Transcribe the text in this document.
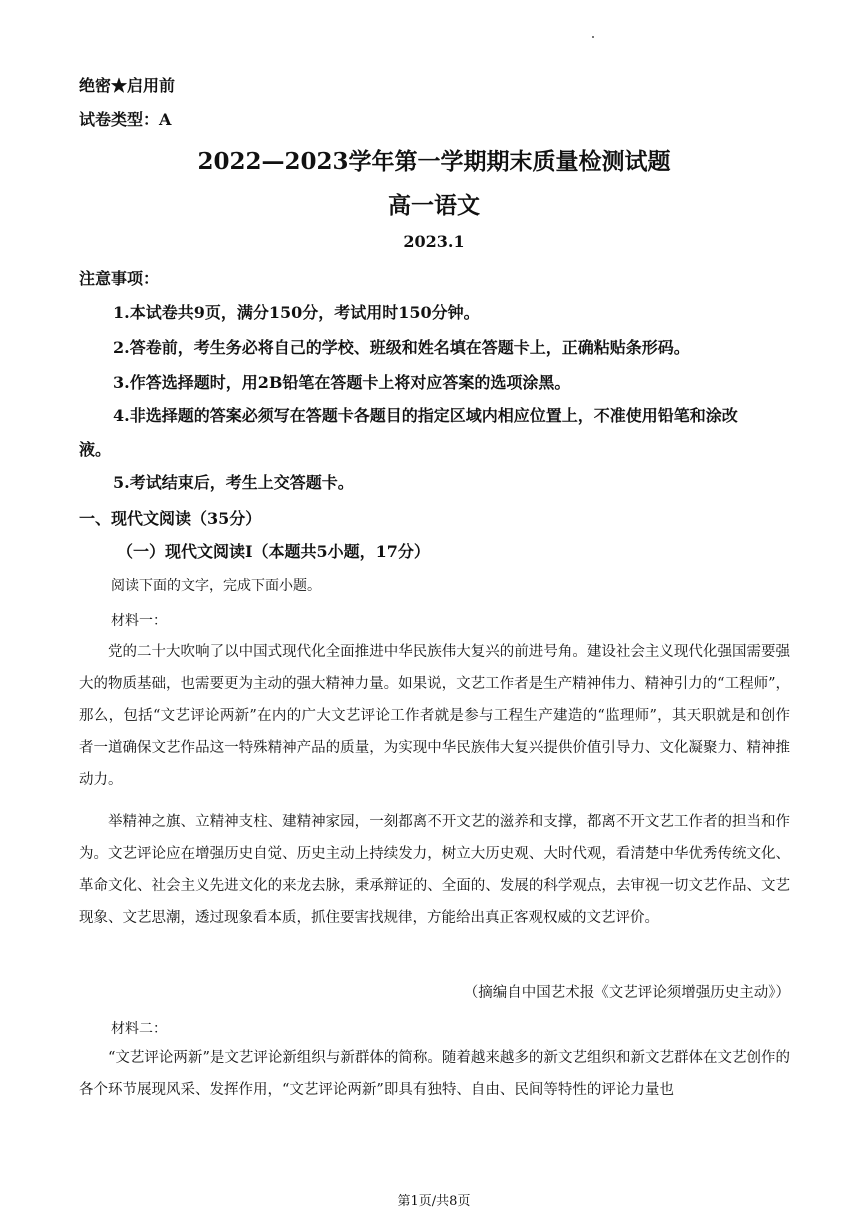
绝密★启用前
试卷类型：A
2022—2023学年第一学期期末质量检测试题
高一语文
2023.1
注意事项：
1.本试卷共9页，满分150分，考试用时150分钟。
2.答卷前，考生务必将自己的学校、班级和姓名填在答题卡上，正确粘贴条形码。
3.作答选择题时，用2B铅笔在答题卡上将对应答案的选项涂黑。
4.非选择题的答案必须写在答题卡各题目的指定区域内相应位置上，不准使用铅笔和涂改
液。
5.考试结束后，考生上交答题卡。
一、现代文阅读（35分）
（一）现代文阅读Ⅰ（本题共5小题，17分）
阅读下面的文字，完成下面小题。
材料一：

党的二十大吹响了以中国式现代化全面推进中华民族伟大复兴的前进号角。建设社会主义现代化强国需要强大的物质基础，也需要更为主动的强大精神力量。如果说，文艺工作者是生产精神伟力、精神引力的“工程师”，那么，包括“文艺评论两新”在内的广大文艺评论工作者就是参与工程生产建造的“监理师”，其天职就是和创作者一道确保文艺作品这一特殊精神产品的质量，为实现中华民族伟大复兴提供价值引导力、文化凝聚力、精神推动力。

举精神之旗、立精神支柱、建精神家园，一刻都离不开文艺的滋养和支撑，都离不开文艺工作者的担当和作为。文艺评论应在增强历史自觉、历史主动上持续发力，树立大历史观、大时代观，看清楚中华优秀传统文化、革命文化、社会主义先进文化的来龙去脉，秉承辩证的、全面的、发展的科学观点，去审视一切文艺作品、文艺现象、文艺思潮，透过现象看本质，抓住要害找规律，方能给出真正客观权威的文艺评价。

（摘编自中国艺术报《文艺评论须增强历史主动》）
材料二：

“文艺评论两新”是文艺评论新组织与新群体的简称。随着越来越多的新文艺组织和新文艺群体在文艺创作的各个环节展现风采、发挥作用，“文艺评论两新”即具有独特、自由、民间等特性的评论力量也

第1页/共8页
